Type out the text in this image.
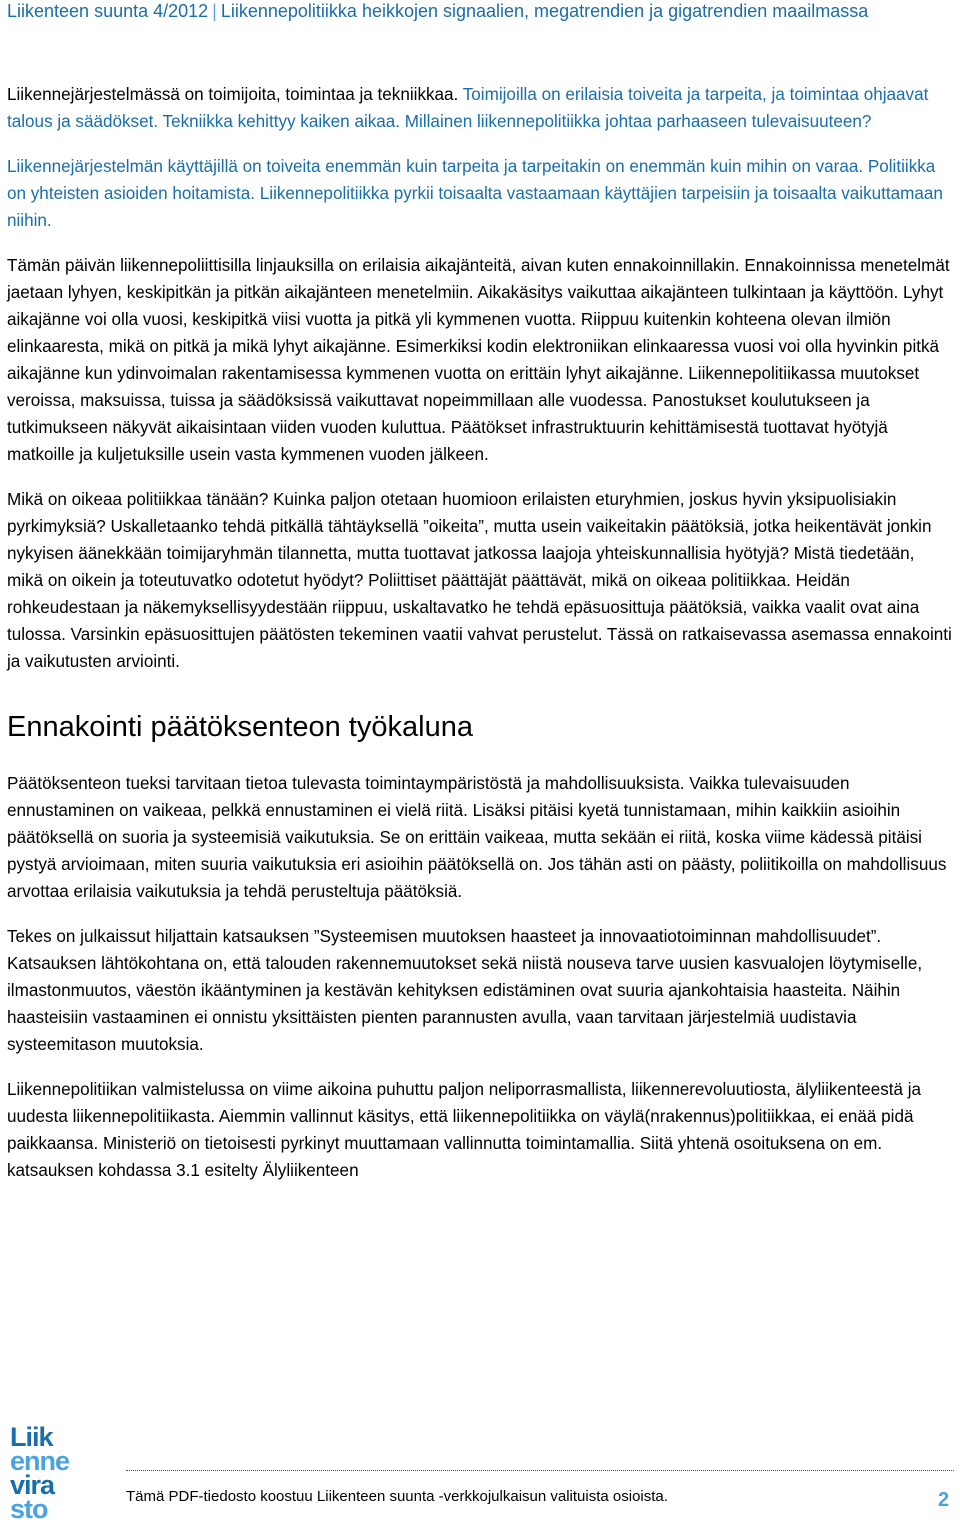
Liikenteen suunta 4/2012 | Liikennepolitiikka heikkojen signaalien, megatrendien ja gigatrendien maailmassa

Liikennejärjestelmässä on toimijoita, toimintaa ja tekniikkaa. Toimijoilla on erilaisia toiveita ja tarpeita, ja toimintaa ohjaavat talous ja säädökset. Tekniikka kehittyy kaiken aikaa. Millainen liikennepolitiikka johtaa parhaaseen tulevaisuuteen?

Liikennejärjestelmän käyttäjillä on toiveita enemmän kuin tarpeita ja tarpeitakin on enemmän kuin mihin on varaa. Politiikka on yhteisten asioiden hoitamista. Liikennepolitiikka pyrkii toisaalta vastaamaan käyttäjien tarpeisiin ja toisaalta vaikuttamaan niihin.

Tämän päivän liikennepoliittisilla linjauksilla on erilaisia aikajänteitä, aivan kuten ennakoinnillakin. Ennakoinnissa menetelmät jaetaan lyhyen, keskipitkän ja pitkän aikajänteen menetelmiin. Aikakäsitys vaikuttaa aikajänteen tulkintaan ja käyttöön. Lyhyt aikajänne voi olla vuosi, keskipitkä viisi vuotta ja pitkä yli kymmenen vuotta. Riippuu kuitenkin kohteena olevan ilmiön elinkaaresta, mikä on pitkä ja mikä lyhyt aikajänne. Esimerkiksi kodin elektroniikan elinkaaressa vuosi voi olla hyvinkin pitkä aikajänne kun ydinvoimalan rakentamisessa kymmenen vuotta on erittäin lyhyt aikajänne. Liikennepolitiikassa muutokset veroissa, maksuissa, tuissa ja säädöksissä vaikuttavat nopeimmillaan alle vuodessa. Panostukset koulutukseen ja tutkimukseen näkyvät aikaisintaan viiden vuoden kuluttua. Päätökset infrastruktuurin kehittämisestä tuottavat hyötyjä matkoille ja kuljetuksille usein vasta kymmenen vuoden jälkeen.

Mikä on oikeaa politiikkaa tänään? Kuinka paljon otetaan huomioon erilaisten eturyhmien, joskus hyvin yksipuolisiakin pyrkimyksiä? Uskalletaanko tehdä pitkällä tähtäyksellä ”oikeita”, mutta usein vaikeitakin päätöksiä, jotka heikentävät jonkin nykyisen äänekkään toimijaryhmän tilannetta, mutta tuottavat jatkossa laajoja yhteiskunnallisia hyötyjä? Mistä tiedetään, mikä on oikein ja toteutuvatko odotetut hyödyt? Poliittiset päättäjät päättävät, mikä on oikeaa politiikkaa. Heidän rohkeudestaan ja näkemyksellisyydestään riippuu, uskaltavatko he tehdä epäsuosittuja päätöksiä, vaikka vaalit ovat aina tulossa. Varsinkin epäsuosittujen päätösten tekeminen vaatii vahvat perustelut. Tässä on ratkaisevassa asemassa ennakointi ja vaikutusten arviointi.

Ennakointi päätöksenteon työkaluna

Päätöksenteon tueksi tarvitaan tietoa tulevasta toimintaympäristöstä ja mahdollisuuksista. Vaikka tulevaisuuden ennustaminen on vaikeaa, pelkkä ennustaminen ei vielä riitä. Lisäksi pitäisi kyetä tunnistamaan, mihin kaikkiin asioihin päätöksellä on suoria ja systeemisiä vaikutuksia. Se on erittäin vaikeaa, mutta sekään ei riitä, koska viime kädessä pitäisi pystyä arvioimaan, miten suuria vaikutuksia eri asioihin päätöksellä on. Jos tähän asti on päästy, poliitikoilla on mahdollisuus arvottaa erilaisia vaikutuksia ja tehdä perusteltuja päätöksiä.

Tekes on julkaissut hiljattain katsauksen ”Systeemisen muutoksen haasteet ja innovaatiotoiminnan mahdollisuudet”. Katsauksen lähtökohtana on, että talouden rakennemuutokset sekä niistä nouseva tarve uusien kasvualojen löytymiselle, ilmastonmuutos, väestön ikääntyminen ja kestävän kehityksen edistäminen ovat suuria ajankohtaisia haasteita. Näihin haasteisiin vastaaminen ei onnistu yksittäisten pienten parannusten avulla, vaan tarvitaan järjestelmiä uudistavia systeemitason muutoksia.

Liikennepolitiikan valmistelussa on viime aikoina puhuttu paljon neliporrasmallista, liikennerevoluutiosta, älyliikenteestä ja uudesta liikennepolitiikasta. Aiemmin vallinnut käsitys, että liikennepolitiikka on väylä(nrakennus)politiikkaa, ei enää pidä paikkaansa. Ministeriö on tietoisesti pyrkinyt muuttamaan vallinnutta toimintamallia. Siitä yhtenä osoituksena on em. katsauksen kohdassa 3.1 esitelty Älyliikenteen

Liik
enne
vira
sto	Tämä PDF-tiedosto koostuu Liikenteen suunta -verkkojulkaisun valituista osioista.	2
